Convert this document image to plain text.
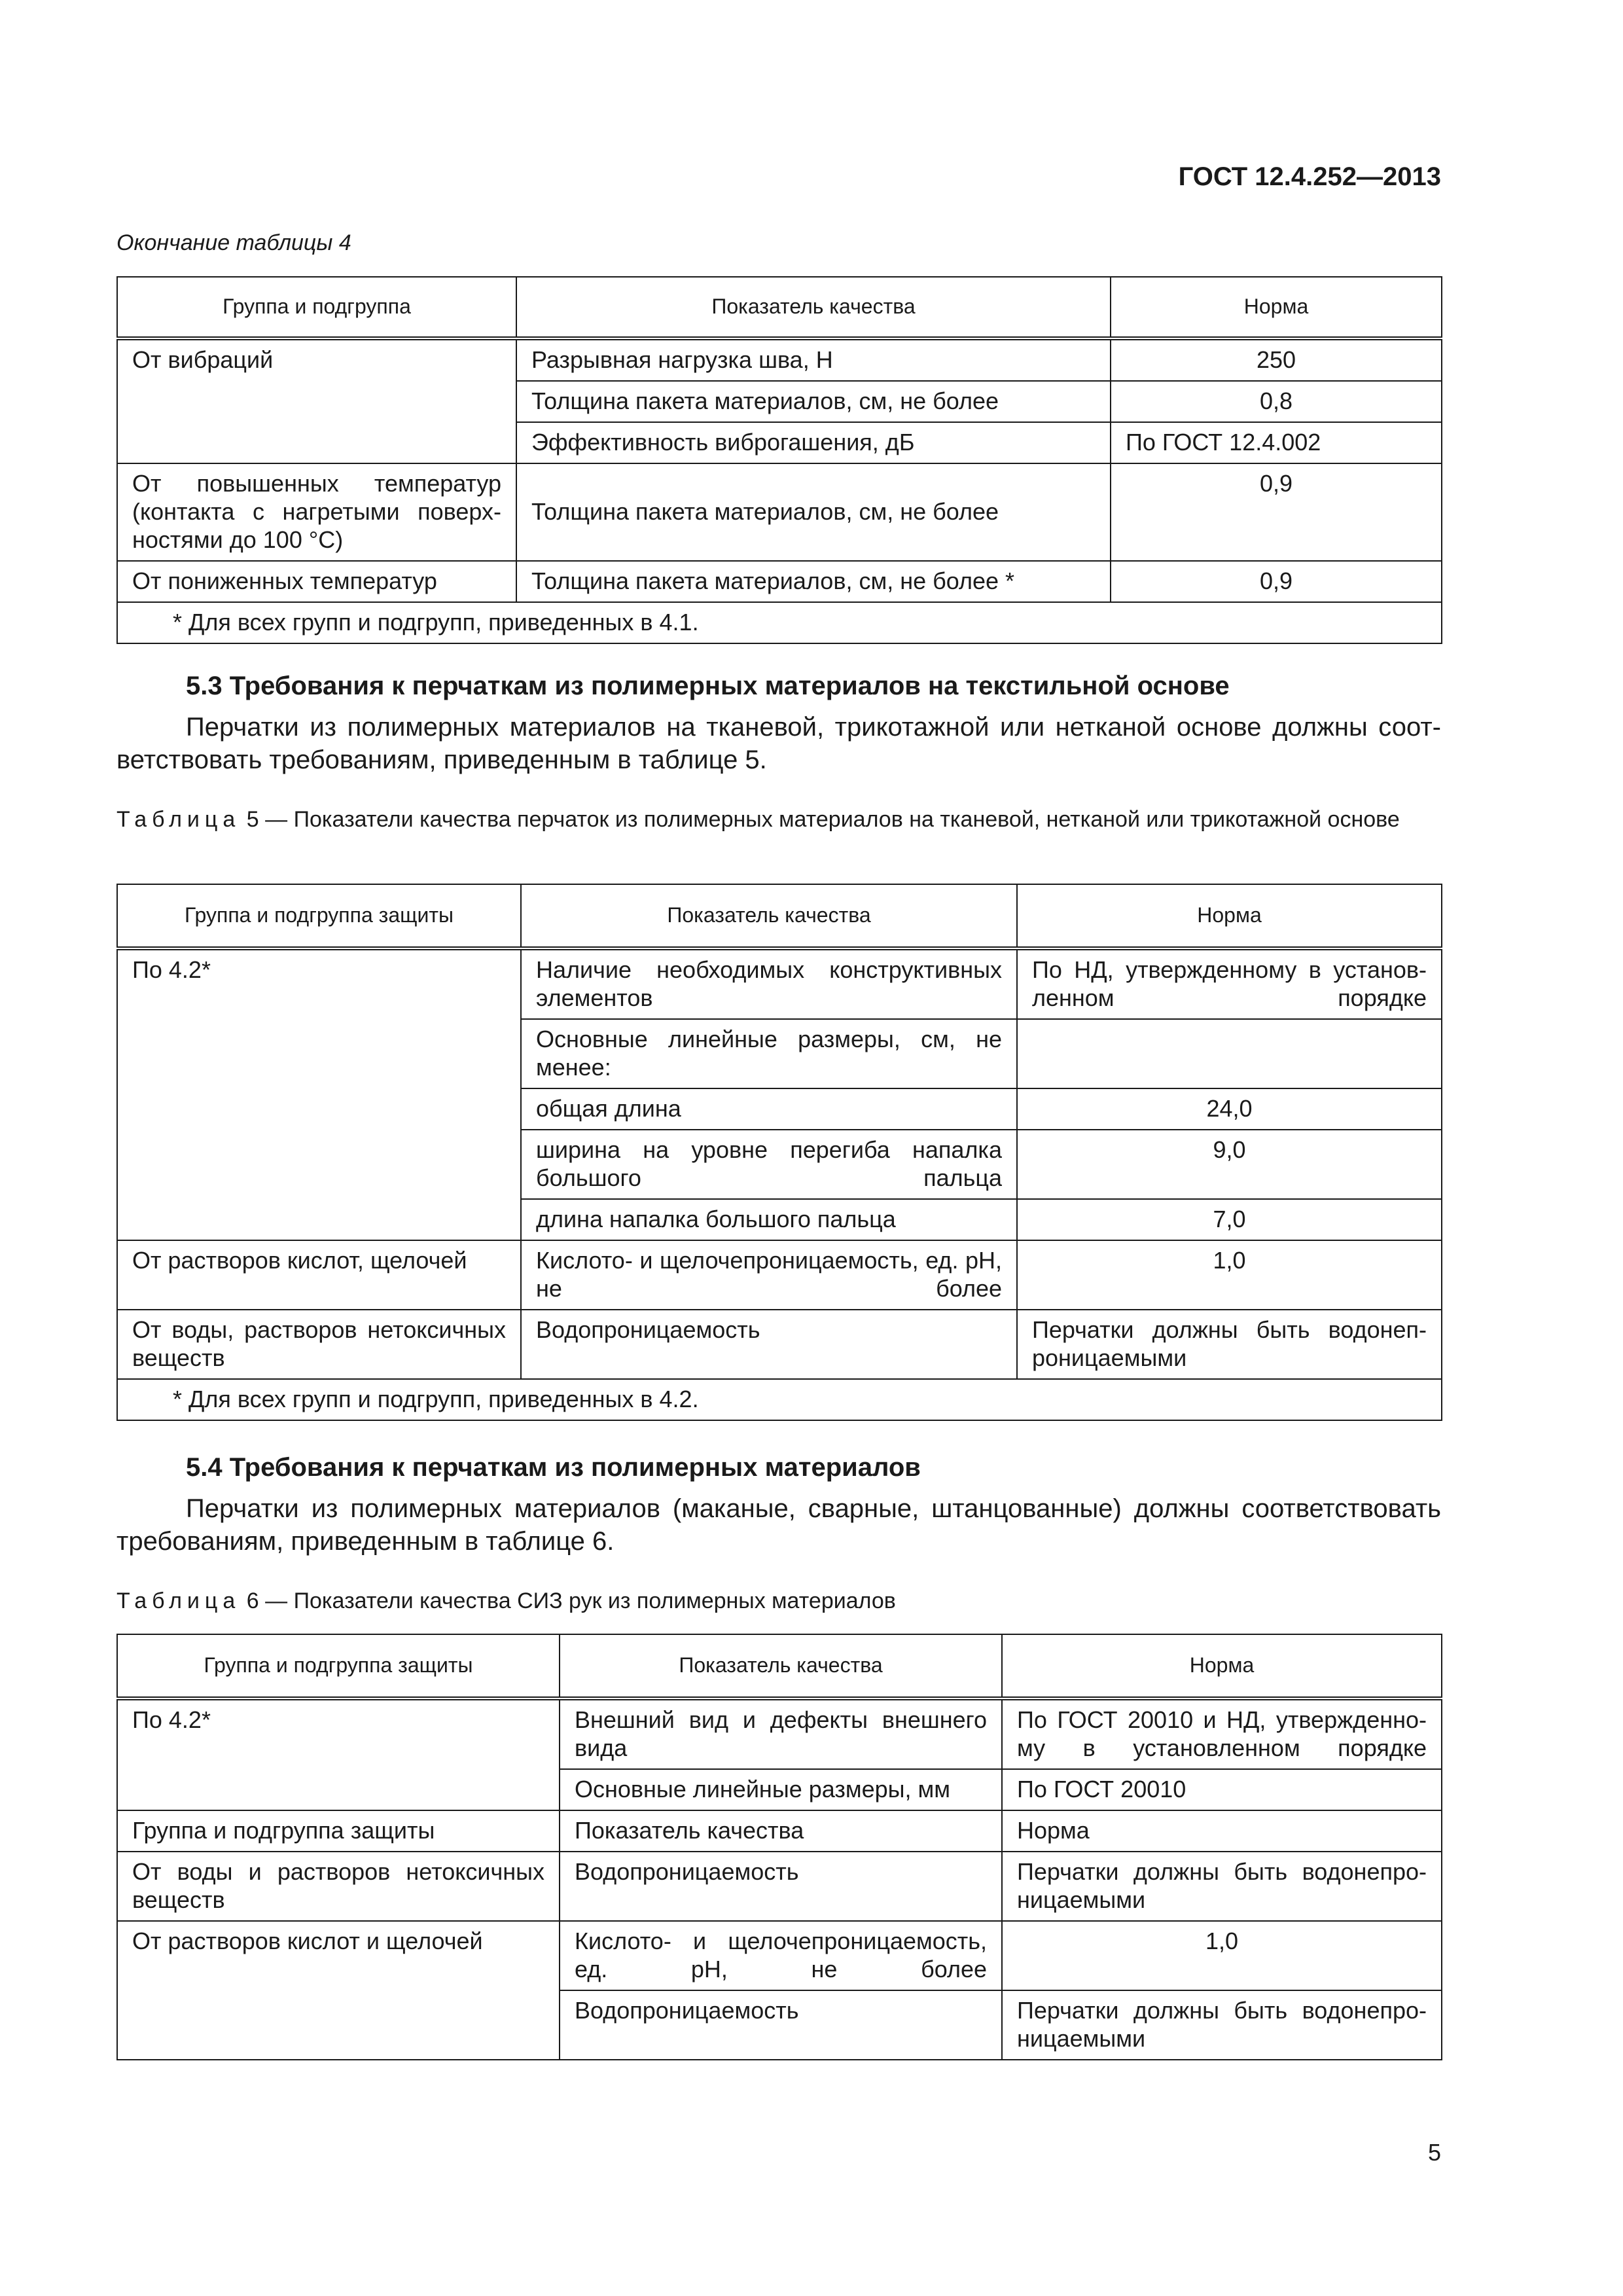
ГОСТ 12.4.252—2013
Окончание таблицы 4
Группа и подгруппа	Показатель качества	Норма
От вибраций	Разрывная нагрузка шва, Н	250
	Толщина пакета материалов, см, не более	0,8
	Эффективность виброгашения, дБ	По ГОСТ 12.4.002
От повышенных температур (контакта с нагретыми поверхностями до 100 °С)	Толщина пакета материалов, см, не более	0,9
От пониженных температур	Толщина пакета материалов, см, не более *	0,9
* Для всех групп и подгрупп, приведенных в 4.1.		
5.3 Требования к перчаткам из полимерных материалов на текстильной основе
Перчатки из полимерных материалов на тканевой, трикотажной или нетканой основе должны соответствовать требованиям, приведенным в таблице 5.
Таблица 5 — Показатели качества перчаток из полимерных материалов на тканевой, нетканой или трикотажной основе
Группа и подгруппа защиты	Показатель качества	Норма
По 4.2*	Наличие необходимых конструктивных элементов	По НД, утвержденному в установленном порядке
	Основные линейные размеры, см, не менее:	
	общая длина	24,0
	ширина на уровне перегиба напалка большого пальца	9,0
	длина напалка большого пальца	7,0
От растворов кислот, щелочей	Кислото- и щелочепроницаемость, ед. pH, не более	1,0
От воды, растворов нетоксичных веществ	Водопроницаемость	Перчатки должны быть водонепроницаемыми
* Для всех групп и подгрупп, приведенных в 4.2.		
5.4 Требования к перчаткам из полимерных материалов
Перчатки из полимерных материалов (маканые, сварные, штанцованные) должны соответствовать требованиям, приведенным в таблице 6.
Таблица 6 — Показатели качества СИЗ рук из полимерных материалов
Группа и подгруппа защиты	Показатель качества	Норма
По 4.2*	Внешний вид и дефекты внешнего вида	По ГОСТ 20010 и НД, утвержденному в установленном порядке
	Основные линейные размеры, мм	По ГОСТ 20010
Группа и подгруппа защиты	Показатель качества	Норма
От воды и растворов нетоксичных веществ	Водопроницаемость	Перчатки должны быть водонепроницаемыми
От растворов кислот и щелочей	Кислото- и щелочепроницаемость, ед. pH, не более	1,0
	Водопроницаемость	Перчатки должны быть водонепроницаемыми
5
